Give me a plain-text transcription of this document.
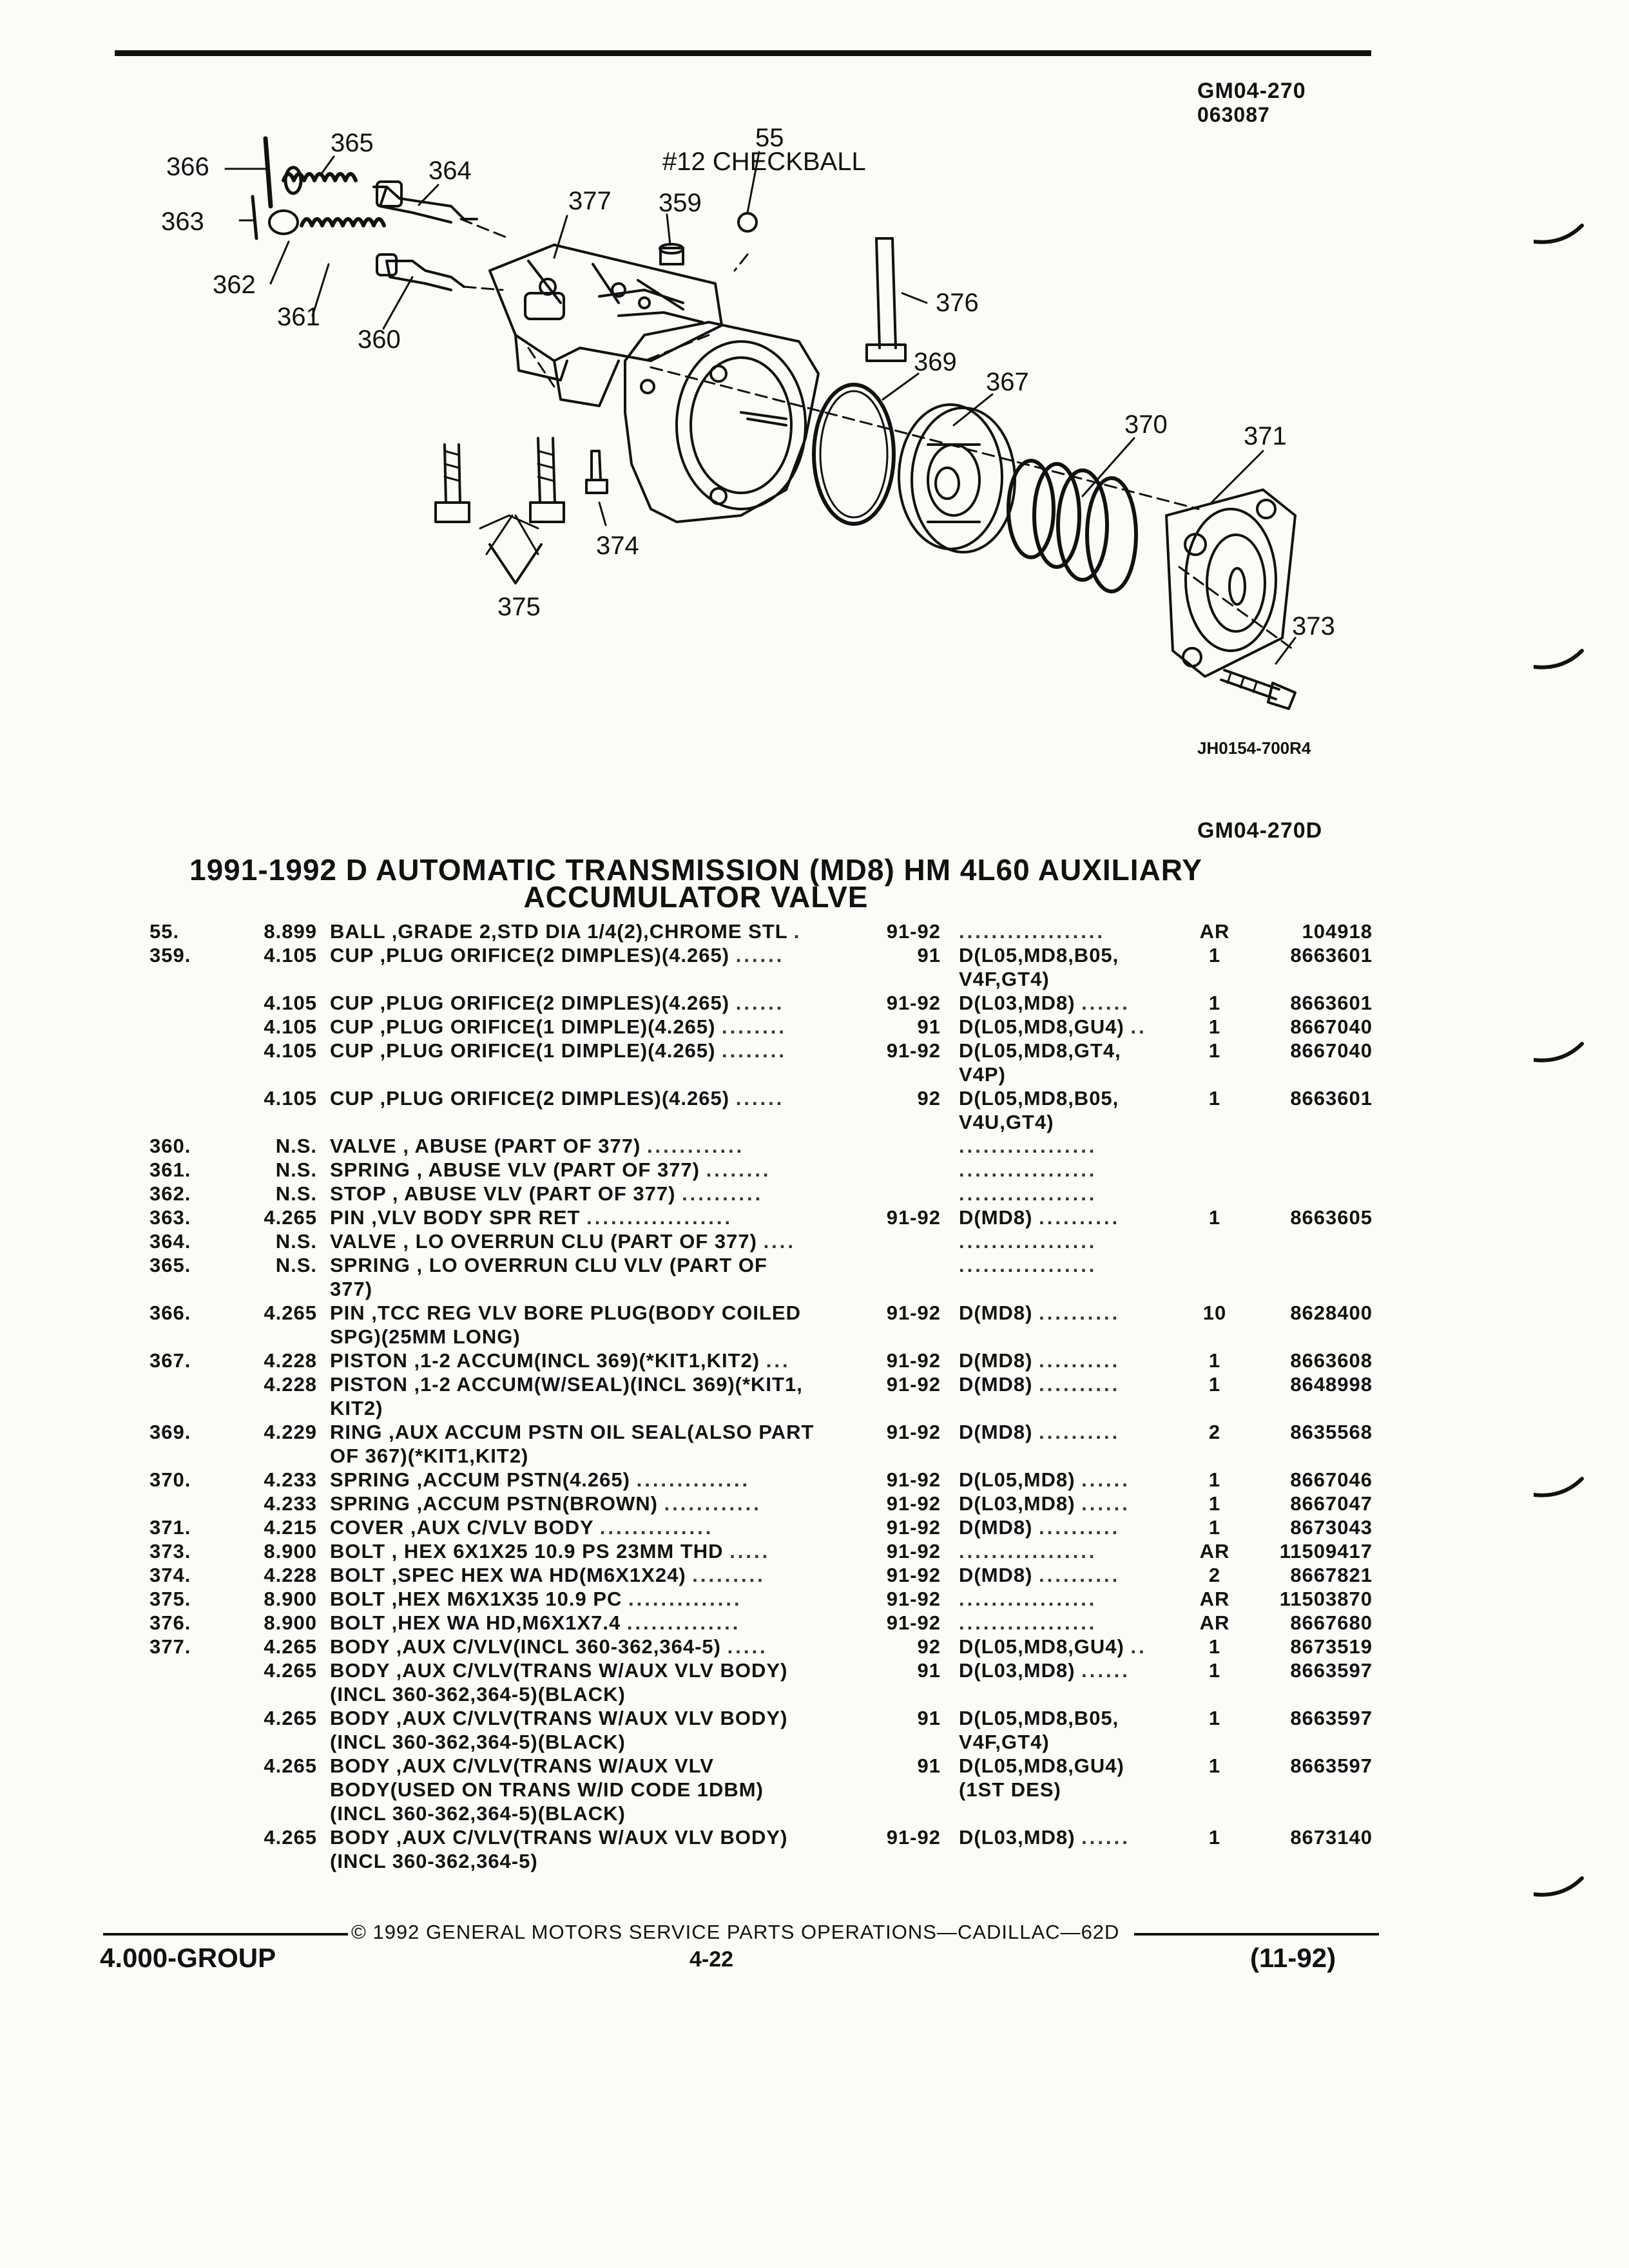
GM04-270
063087
365
366	364
55
#12 CHECKBALL
377 359
363
362
361
360
376
369
367
370	371
374
375
373
JH0154-700R4
GM04-270D
1991-1992 D AUTOMATIC TRANSMISSION (MD8) HM 4L60 AUXILIARY
ACCUMULATOR VALVE
55.	8.899 BALL ,GRADE 2,STD DIA 1/4(2),CHROME STL .	91-92 ..................	AR	104918
359.	4.105 CUP ,PLUG ORIFICE(2 DIMPLES)(4.265) ......	91 D(L05,MD8,B05,	1	8663601
V4F,GT4)
4.105 CUP ,PLUG ORIFICE(2 DIMPLES)(4.265) ......	91-92 D(L03,MD8) ......	1	8663601
4.105 CUP ,PLUG ORIFICE(1 DIMPLE)(4.265) ........	91 D(L05,MD8,GU4) ..	1	8667040
4.105 CUP ,PLUG ORIFICE(1 DIMPLE)(4.265) ........	91-92 D(L05,MD8,GT4,	1	8667040
V4P)
4.105 CUP ,PLUG ORIFICE(2 DIMPLES)(4.265) ......	92 D(L05,MD8,B05,	1	8663601
V4U,GT4)
360.	N.S. VALVE , ABUSE (PART OF 377) ............	.................
361.	N.S. SPRING , ABUSE VLV (PART OF 377) ........	.................
362.	N.S. STOP , ABUSE VLV (PART OF 377) ..........	.................
363.	4.265 PIN ,VLV BODY SPR RET ..................	91-92 D(MD8) ..........	1	8663605
364.	N.S. VALVE , LO OVERRUN CLU (PART OF 377) ....	.................
365.	N.S. SPRING , LO OVERRUN CLU VLV (PART OF	.................
377)
366.	4.265 PIN ,TCC REG VLV BORE PLUG(BODY COILED	91-92 D(MD8) ..........	10	8628400
SPG)(25MM LONG)
367.	4.228 PISTON ,1-2 ACCUM(INCL 369)(*KIT1,KIT2) ...	91-92 D(MD8) ..........	1	8663608
4.228 PISTON ,1-2 ACCUM(W/SEAL)(INCL 369)(*KIT1,	91-92 D(MD8) ..........	1	8648998
KIT2)
369.	4.229 RING ,AUX ACCUM PSTN OIL SEAL(ALSO PART	91-92 D(MD8) ..........	2	8635568
OF 367)(*KIT1,KIT2)
370.	4.233 SPRING ,ACCUM PSTN(4.265) ..............	91-92 D(L05,MD8) ......	1	8667046
4.233 SPRING ,ACCUM PSTN(BROWN) ............	91-92 D(L03,MD8) ......	1	8667047
371.	4.215 COVER ,AUX C/VLV BODY ..............	91-92 D(MD8) ..........	1	8673043
373.	8.900 BOLT , HEX 6X1X25 10.9 PS 23MM THD .....	91-92 .................	AR	11509417
374.	4.228 BOLT ,SPEC HEX WA HD(M6X1X24) .........	91-92 D(MD8) ..........	2	8667821
375.	8.900 BOLT ,HEX M6X1X35 10.9 PC ..............	91-92 .................	AR	11503870
376.	8.900 BOLT ,HEX WA HD,M6X1X7.4 ..............	91-92 .................	AR	8667680
377.	4.265 BODY ,AUX C/VLV(INCL 360-362,364-5) .....	92 D(L05,MD8,GU4) ..	1	8673519
4.265 BODY ,AUX C/VLV(TRANS W/AUX VLV BODY)	91 D(L03,MD8) ......	1	8663597
(INCL 360-362,364-5)(BLACK)
4.265 BODY ,AUX C/VLV(TRANS W/AUX VLV BODY)	91 D(L05,MD8,B05,	1	8663597
(INCL 360-362,364-5)(BLACK)	V4F,GT4)
4.265 BODY ,AUX C/VLV(TRANS W/AUX VLV	91 D(L05,MD8,GU4)	1	8663597
BODY(USED ON TRANS W/ID CODE 1DBM)	(1ST DES)
(INCL 360-362,364-5)(BLACK)
4.265 BODY ,AUX C/VLV(TRANS W/AUX VLV BODY)	91-92 D(L03,MD8) ......	1	8673140
(INCL 360-362,364-5)
© 1992 GENERAL MOTORS SERVICE PARTS OPERATIONS—CADILLAC—62D
4.000-GROUP	4-22	(11-92)
